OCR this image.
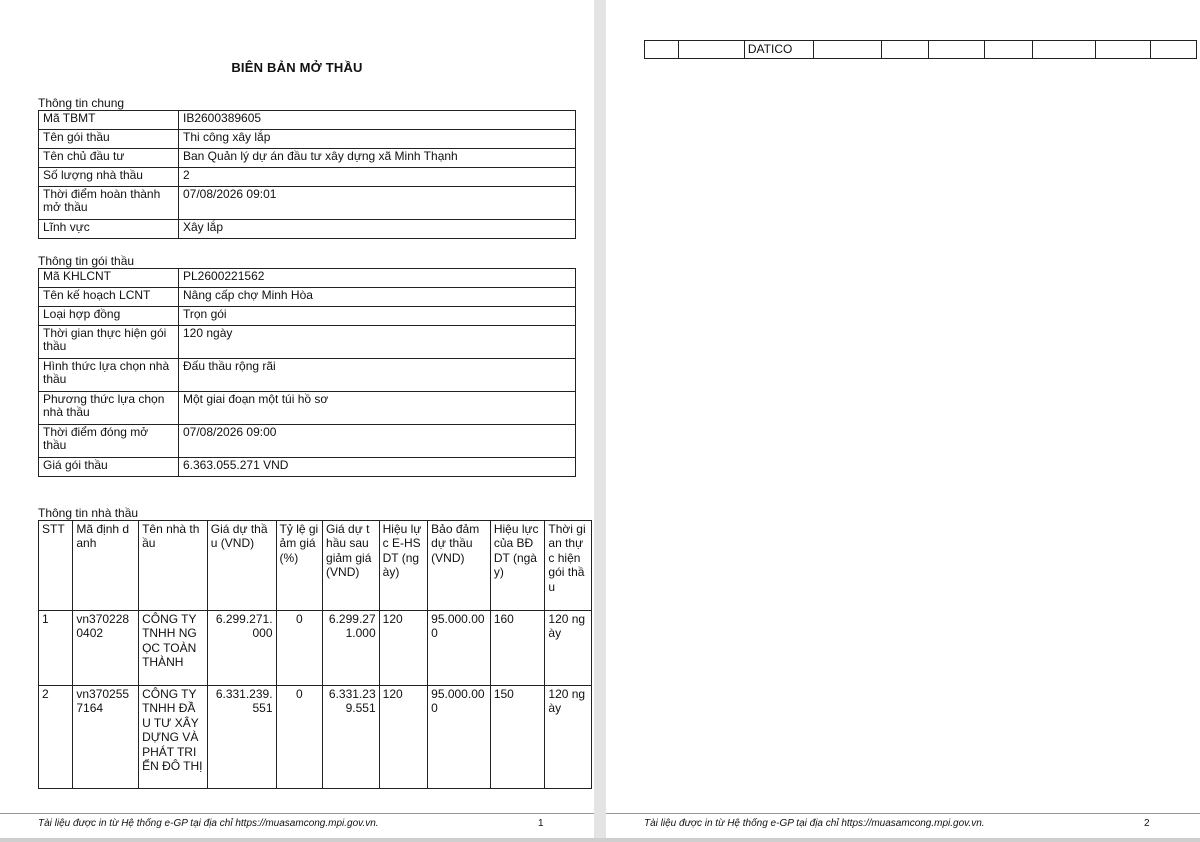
BIÊN BẢN MỞ THẦU
Thông tin chung
Mã TBMT	IB2600389605
Tên gói thầu	Thi công xây lắp
Tên chủ đầu tư	Ban Quản lý dự án đầu tư xây dựng xã Minh Thạnh
Số lượng nhà thầu	2
Thời điểm hoàn thành mở thầu	07/08/2026 09:01
Lĩnh vực	Xây lắp
Thông tin gói thầu
Mã KHLCNT	PL2600221562
Tên kế hoạch LCNT	Nâng cấp chợ Minh Hòa
Loại hợp đồng	Trọn gói
Thời gian thực hiện gói thầu	120 ngày
Hình thức lựa chọn nhà thầu	Đấu thầu rộng rãi
Phương thức lựa chọn nhà thầu	Một giai đoạn một túi hồ sơ
Thời điểm đóng mở thầu	07/08/2026 09:00
Giá gói thầu	6.363.055.271 VND
Thông tin nhà thầu
STT	Mã định danh	Tên nhà thầu	Giá dự thầu (VND)	Tỷ lệ giảm giá (%)	Giá dự thầu sau giảm giá (VND)	Hiệu lực E-HSDT (ngày)	Bảo đảm dự thầu (VND)	Hiệu lực của BĐ DT (ngày)	Thời gian thực hiện gói thầu
1	vn3702280402	CÔNG TY TNHH NGỌC TOÀN THÀNH	6.299.271.000	0	6.299.271.000	120	95.000.000	160	120 ngày
2	vn3702557164	CÔNG TY TNHH ĐẦU TƯ XÂY DỰNG VÀ PHÁT TRIỂN ĐÔ THỊ	6.331.239.551	0	6.331.239.551	120	95.000.000	150	120 ngày
Tài liệu được in từ Hệ thống e-GP tại địa chỉ https://muasamcong.mpi.gov.vn.	1
		DATICO							
Tài liệu được in từ Hệ thống e-GP tại địa chỉ https://muasamcong.mpi.gov.vn.	2
